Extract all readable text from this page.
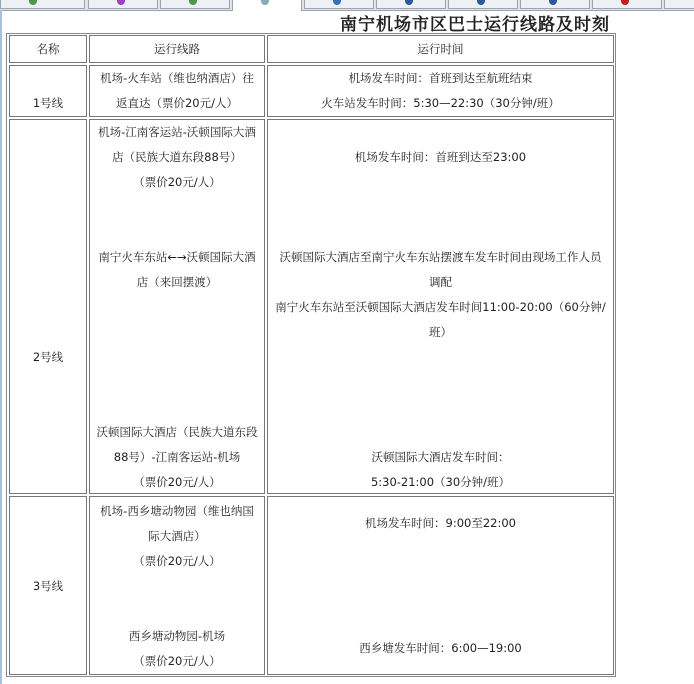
南宁机场市区巴士运行线路及时刻
名称	运行线路	运行时间
1号线
机场-火车站（维也纳酒店）往
返直达（票价20元/人）
机场发车时间：首班到达至航班结束
火车站发车时间：5:30—22:30（30分钟/班）
2号线
机场-江南客运站-沃顿国际大酒
店（民族大道东段88号）
（票价20元/人）
南宁火车东站←→沃顿国际大酒
店（来回摆渡）
沃顿国际大酒店（民族大道东段
88号）-江南客运站-机场
（票价20元/人）
机场发车时间：首班到达至23:00
沃顿国际大酒店至南宁火车东站摆渡车发车时间由现场工作人员
调配
南宁火车东站至沃顿国际大酒店发车时间11:00-20:00（60分钟/
班）
沃顿国际大酒店发车时间：
5:30-21:00（30分钟/班）
3号线
机场-西乡塘动物园（维也纳国
际大酒店）
（票价20元/人）
西乡塘动物园-机场
（票价20元/人）
机场发车时间：9:00至22:00
西乡塘发车时间：6:00—19:00
